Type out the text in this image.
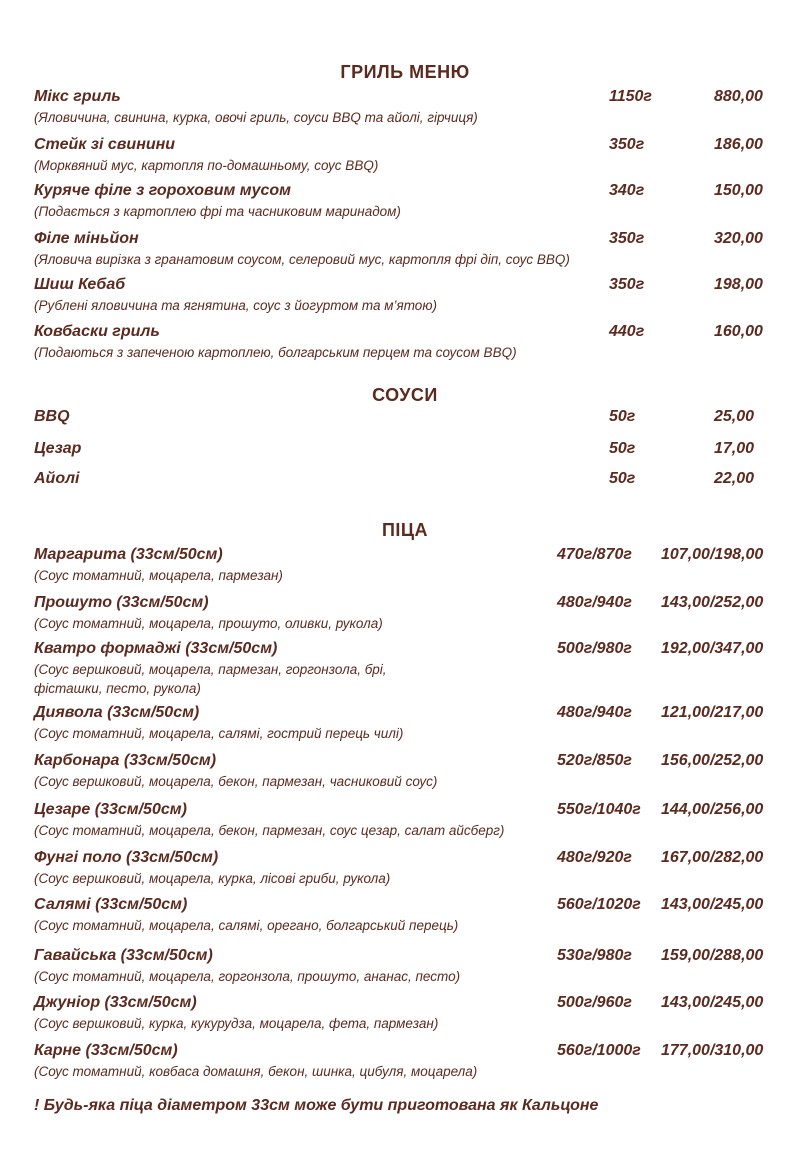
ГРИЛЬ МЕНЮ
Мікс гриль	1150г	880,00
(Яловичина, свинина, курка, овочі гриль, соуси BBQ та айолі, гірчиця)
Стейк зі свинини	350г	186,00
(Морквяний мус, картопля по-домашньому, соус BBQ)
Куряче філе з гороховим мусом	340г	150,00
(Подається з картоплею фрі та часниковим маринадом)
Філе міньйон	350г	320,00
(Яловича вирізка з гранатовим соусом, селеровий мус, картопля фрі діп, соус BBQ)
Шиш Кебаб	350г	198,00
(Рублені яловичина та ягнятина, соус з йогуртом та м’ятою)
Ковбаски гриль	440г	160,00
(Подаються з запеченою картоплею, болгарським перцем та соусом BBQ)
СОУСИ
BBQ	50г	25,00
Цезар	50г	17,00
Айолі	50г	22,00
ПІЦА
Маргарита (33см/50см)	470г/870г 107,00/198,00
(Соус томатний, моцарела, пармезан)
Прошуто (33см/50см)	480г/940г 143,00/252,00
(Соус томатний, моцарела, прошуто, оливки, рукола)
Кватро формаджі (33см/50см)	500г/980г 192,00/347,00
(Соус вершковий, моцарела, пармезан, горгонзола, брі,
фісташки, песто, рукола)
Диявола (33см/50см)	480г/940г 121,00/217,00
(Соус томатний, моцарела, салямі, гострий перець чилі)
Карбонара (33см/50см)	520г/850г 156,00/252,00
(Соус вершковий, моцарела, бекон, пармезан, часниковий соус)
Цезаре (33см/50см)	550г/1040г 144,00/256,00
(Соус томатний, моцарела, бекон, пармезан, соус цезар, салат айсберг)
Фунгі поло (33см/50см)	480г/920г 167,00/282,00
(Соус вершковий, моцарела, курка, лісові гриби, рукола)
Салямі (33см/50см)	560г/1020г 143,00/245,00
(Соус томатний, моцарела, салямі, орегано, болгарський перець)
Гавайська (33см/50см)	530г/980г 159,00/288,00
(Соус томатний, моцарела, горгонзола, прошуто, ананас, песто)
Джуніор (33см/50см)	500г/960г 143,00/245,00
(Соус вершковий, курка, кукурудза, моцарела, фета, пармезан)
Карне (33см/50см)	560г/1000г 177,00/310,00
(Соус томатний, ковбаса домашня, бекон, шинка, цибуля, моцарела)
! Будь-яка піца діаметром 33см може бути приготована як Кальцоне
